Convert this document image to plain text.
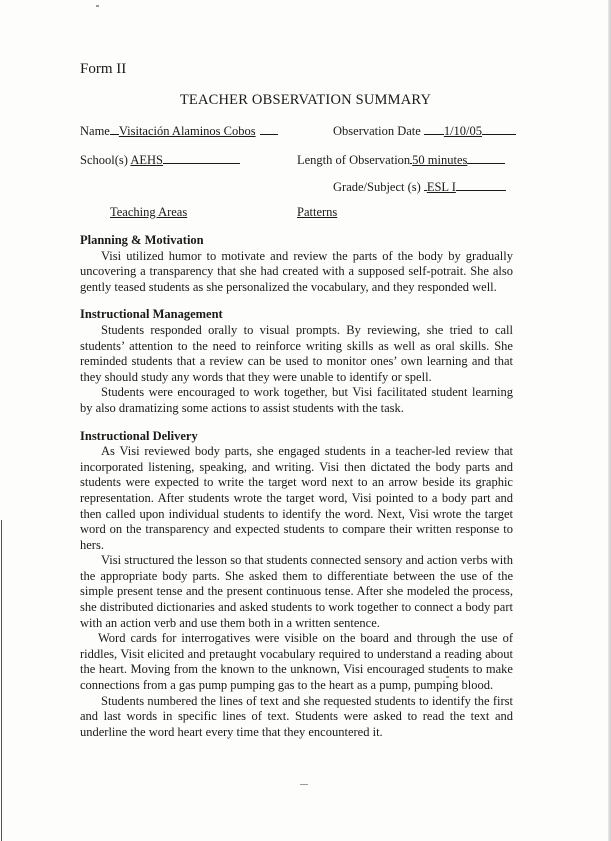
Form II
TEACHER OBSERVATION SUMMARY
Name Visitación Alaminos Cobos	Observation Date 1/10/05
School(s) AEHS	Length of Observation 50 minutes
Grade/Subject (s) ESL I
Teaching Areas	Patterns

Planning & Motivation

Visi utilized humor to motivate and review the parts of the body by gradually uncovering a transparency that she had created with a supposed self-potrait. She also gently teased students as she personalized the vocabulary, and they responded well.

Instructional Management

Students responded orally to visual prompts. By reviewing, she tried to call students’ attention to the need to reinforce writing skills as well as oral skills. She reminded students that a review can be used to monitor ones’ own learning and that they should study any words that they were unable to identify or spell.

Students were encouraged to work together, but Visi facilitated student learning by also dramatizing some actions to assist students with the task.

Instructional Delivery

As Visi reviewed body parts, she engaged students in a teacher-led review that incorporated listening, speaking, and writing. Visi then dictated the body parts and students were expected to write the target word next to an arrow beside its graphic representation. After students wrote the target word, Visi pointed to a body part and then called upon individual students to identify the word. Next, Visi wrote the target word on the transparency and expected students to compare their written response to hers.

Visi structured the lesson so that students connected sensory and action verbs with the appropriate body parts. She asked them to differentiate between the use of the simple present tense and the present continuous tense. After she modeled the process, she distributed dictionaries and asked students to work together to connect a body part with an action verb and use them both in a written sentence.

Word cards for interrogatives were visible on the board and through the use of riddles, Visit elicited and pretaught vocabulary required to understand a reading about the heart. Moving from the known to the unknown, Visi encouraged students to make connections from a gas pump pumping gas to the heart as a pump, pumping blood.

Students numbered the lines of text and she requested students to identify the first and last words in specific lines of text. Students were asked to read the text and underline the word heart every time that they encountered it.
